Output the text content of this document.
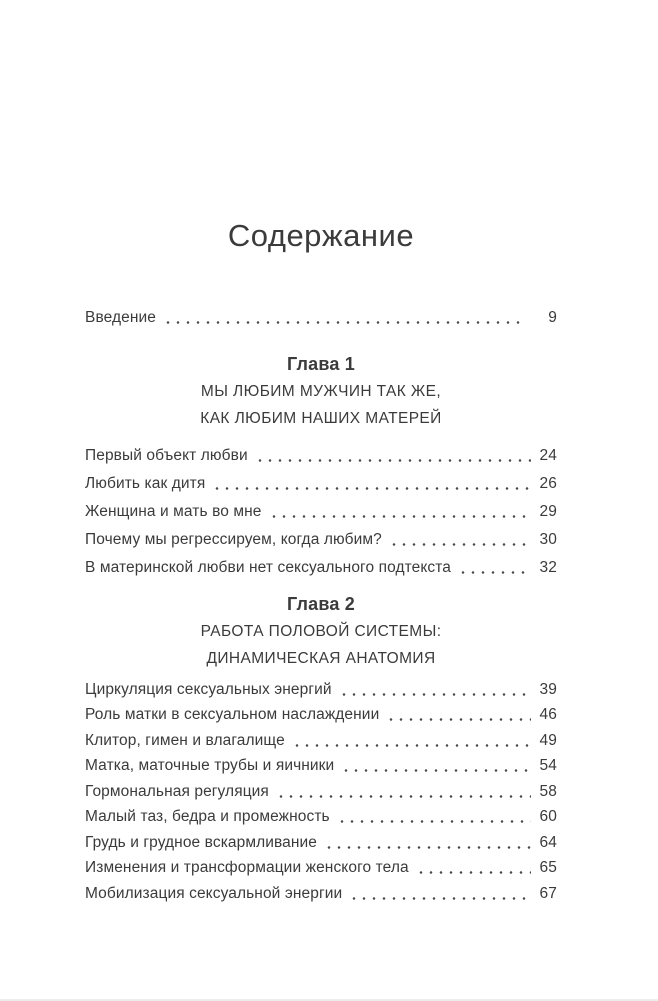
Содержание
Введение	9
Глава 1
МЫ ЛЮБИМ МУЖЧИН ТАК ЖЕ,
КАК ЛЮБИМ НАШИХ МАТЕРЕЙ
Первый объект любви	24
Любить как дитя	26
Женщина и мать во мне	29
Почему мы регрессируем, когда любим?	30
В материнской любви нет сексуального подтекста	32
Глава 2
РАБОТА ПОЛОВОЙ СИСТЕМЫ:
ДИНАМИЧЕСКАЯ АНАТОМИЯ
Циркуляция сексуальных энергий	39
Роль матки в сексуальном наслаждении	46
Клитор, гимен и влагалище	49
Матка, маточные трубы и яичники	54
Гормональная регуляция	58
Малый таз, бедра и промежность	60
Грудь и грудное вскармливание	64
Изменения и трансформации женского тела	65
Мобилизация сексуальной энергии	67
